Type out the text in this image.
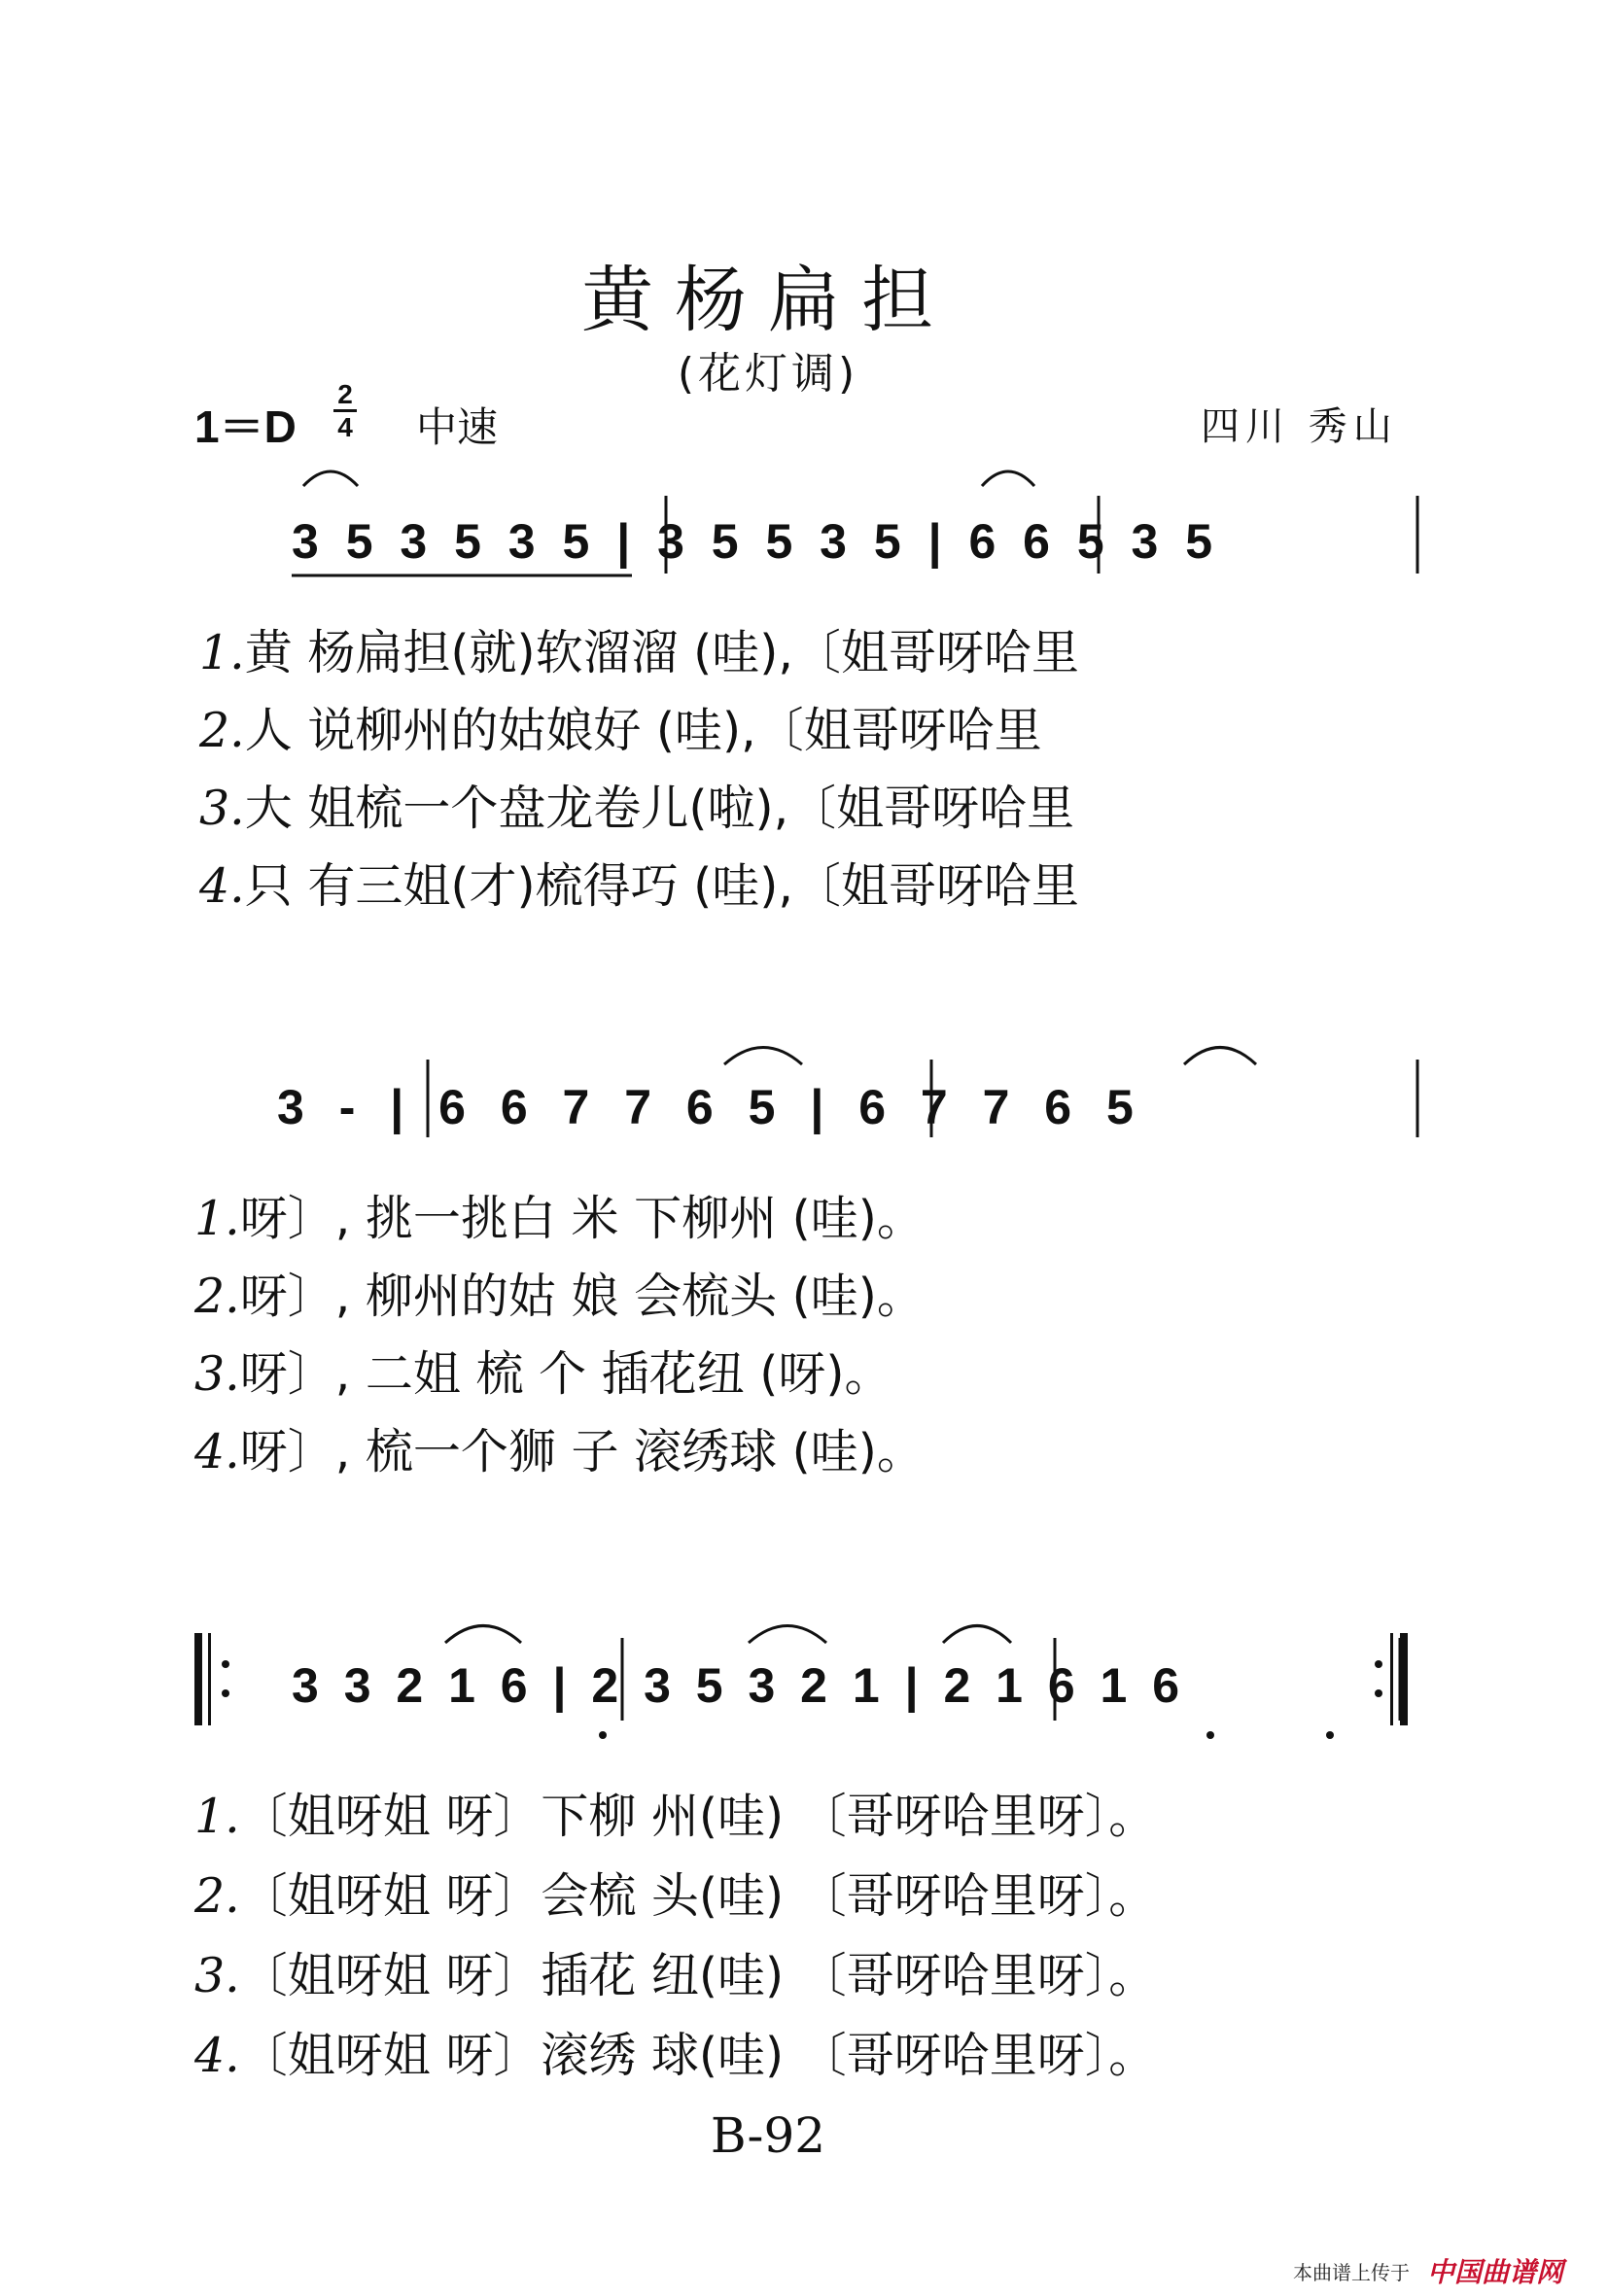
黄杨扁担
(花灯调)
1＝D
2
4 中速	四川 秀山
3 5 3 5 3 5 | 3 5 5 3 5 | 6 6 5 3 5
1.黄 杨扁担(就)软溜溜 (哇),〔姐哥呀哈里
2.人 说柳州的姑娘好 (哇),〔姐哥呀哈里
3.大 姐梳一个盘龙卷儿(啦),〔姐哥呀哈里
4.只 有三姐(才)梳得巧 (哇),〔姐哥呀哈里
3 - | 6 6 7 7 6 5 | 6 7 7 6 5
1.呀〕, 挑一挑白 米 下柳州 (哇)。
2.呀〕, 柳州的姑 娘 会梳头 (哇)。
3.呀〕, 二姐 梳 个 插花纽 (呀)。
4.呀〕, 梳一个狮 子 滚绣球 (哇)。
3 3 2 1 6 | 2 3 5 3 2 1 | 2 1 6 1 6
1.〔姐呀姐 呀〕下柳 州(哇) 〔哥呀哈里呀〕。
2.〔姐呀姐 呀〕会梳 头(哇) 〔哥呀哈里呀〕。
3.〔姐呀姐 呀〕插花 纽(哇) 〔哥呀哈里呀〕。
4.〔姐呀姐 呀〕滚绣 球(哇) 〔哥呀哈里呀〕。
B-92
本曲谱上传于 中国曲谱网
